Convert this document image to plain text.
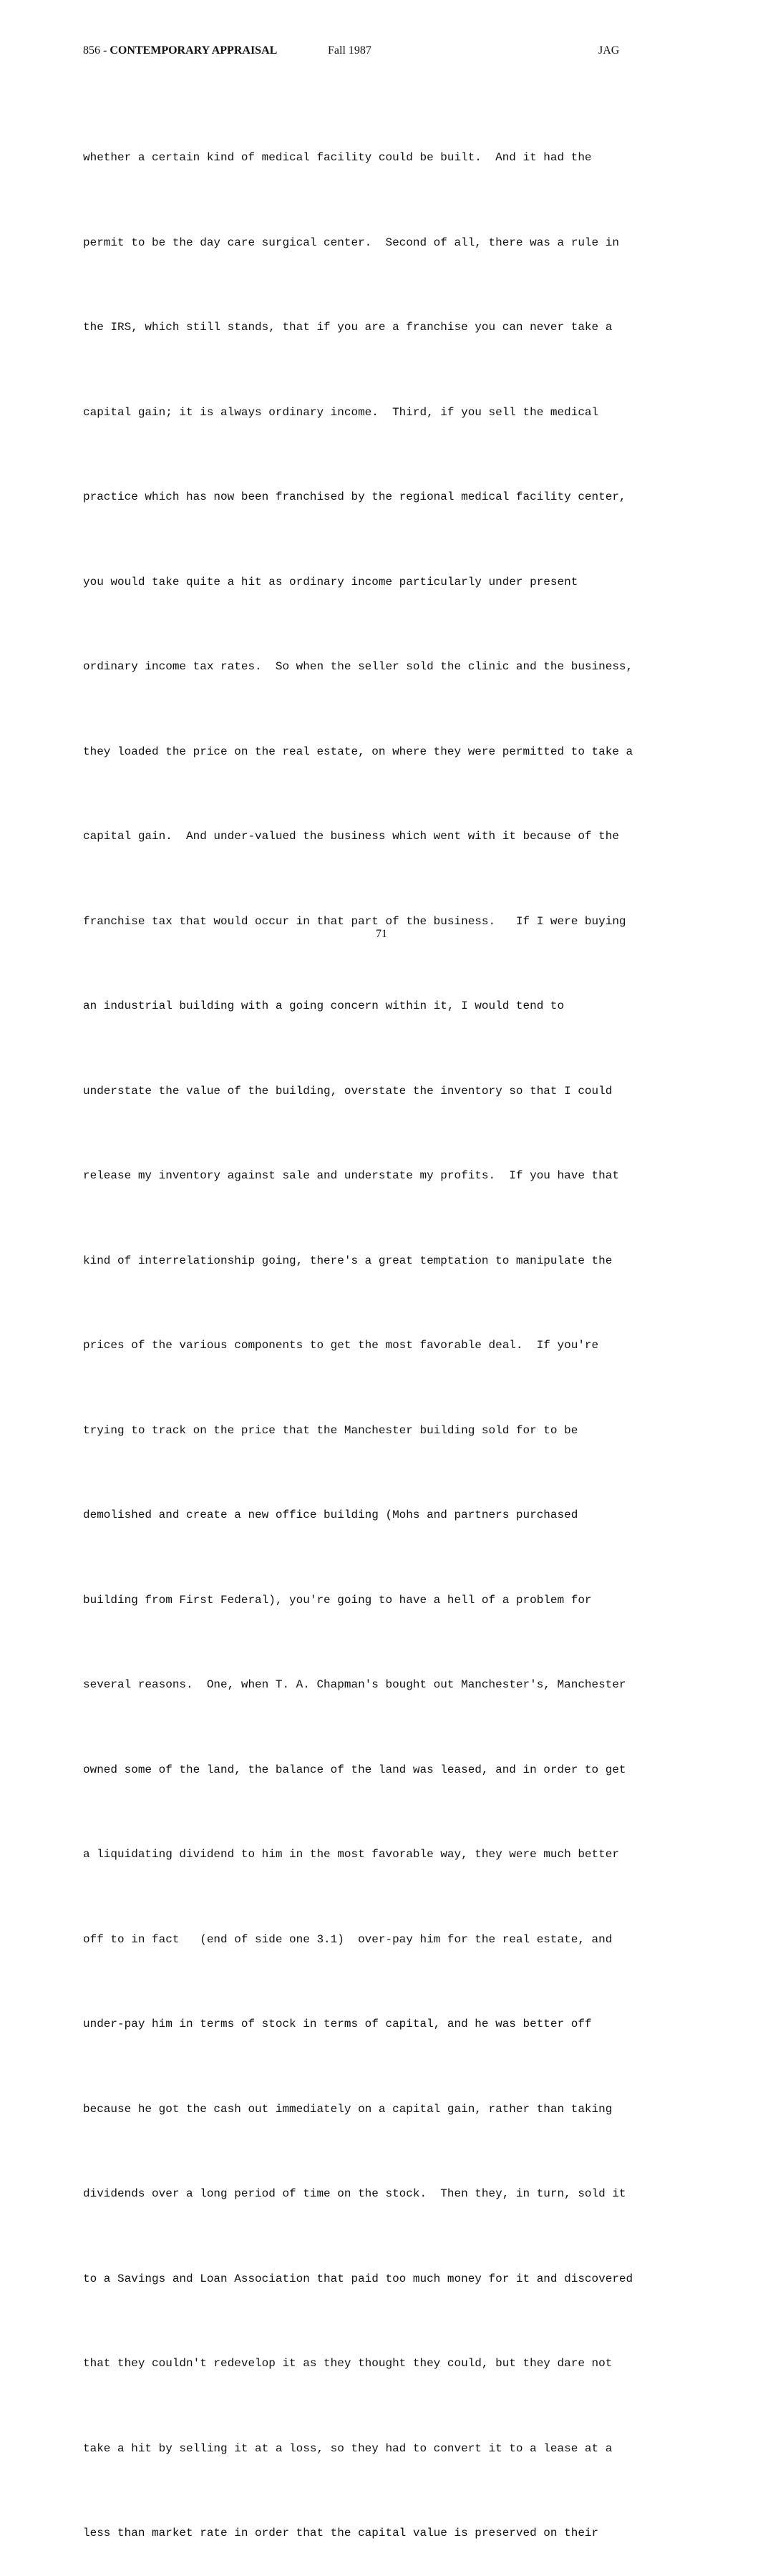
856 - CONTEMPORARY APPRAISAL	Fall 1987	JAG

whether a certain kind of medical facility could be built.  And it had the

permit to be the day care surgical center.  Second of all, there was a rule in

the IRS, which still stands, that if you are a franchise you can never take a

capital gain; it is always ordinary income.  Third, if you sell the medical

practice which has now been franchised by the regional medical facility center,

you would take quite a hit as ordinary income particularly under present

ordinary income tax rates.  So when the seller sold the clinic and the business,

they loaded the price on the real estate, on where they were permitted to take a

capital gain.  And under-valued the business which went with it because of the

franchise tax that would occur in that part of the business.   If I were buying

an industrial building with a going concern within it, I would tend to

understate the value of the building, overstate the inventory so that I could

release my inventory against sale and understate my profits.  If you have that

kind of interrelationship going, there's a great temptation to manipulate the

prices of the various components to get the most favorable deal.  If you're

trying to track on the price that the Manchester building sold for to be

demolished and create a new office building (Mohs and partners purchased

building from First Federal), you're going to have a hell of a problem for

several reasons.  One, when T. A. Chapman's bought out Manchester's, Manchester

owned some of the land, the balance of the land was leased, and in order to get

a liquidating dividend to him in the most favorable way, they were much better

off to in fact   (end of side one 3.1)  over-pay him for the real estate, and

under-pay him in terms of stock in terms of capital, and he was better off

because he got the cash out immediately on a capital gain, rather than taking

dividends over a long period of time on the stock.  Then they, in turn, sold it

to a Savings and Loan Association that paid too much money for it and discovered

that they couldn't redevelop it as they thought they could, but they dare not

take a hit by selling it at a loss, so they had to convert it to a lease at a

less than market rate in order that the capital value is preserved on their

71
